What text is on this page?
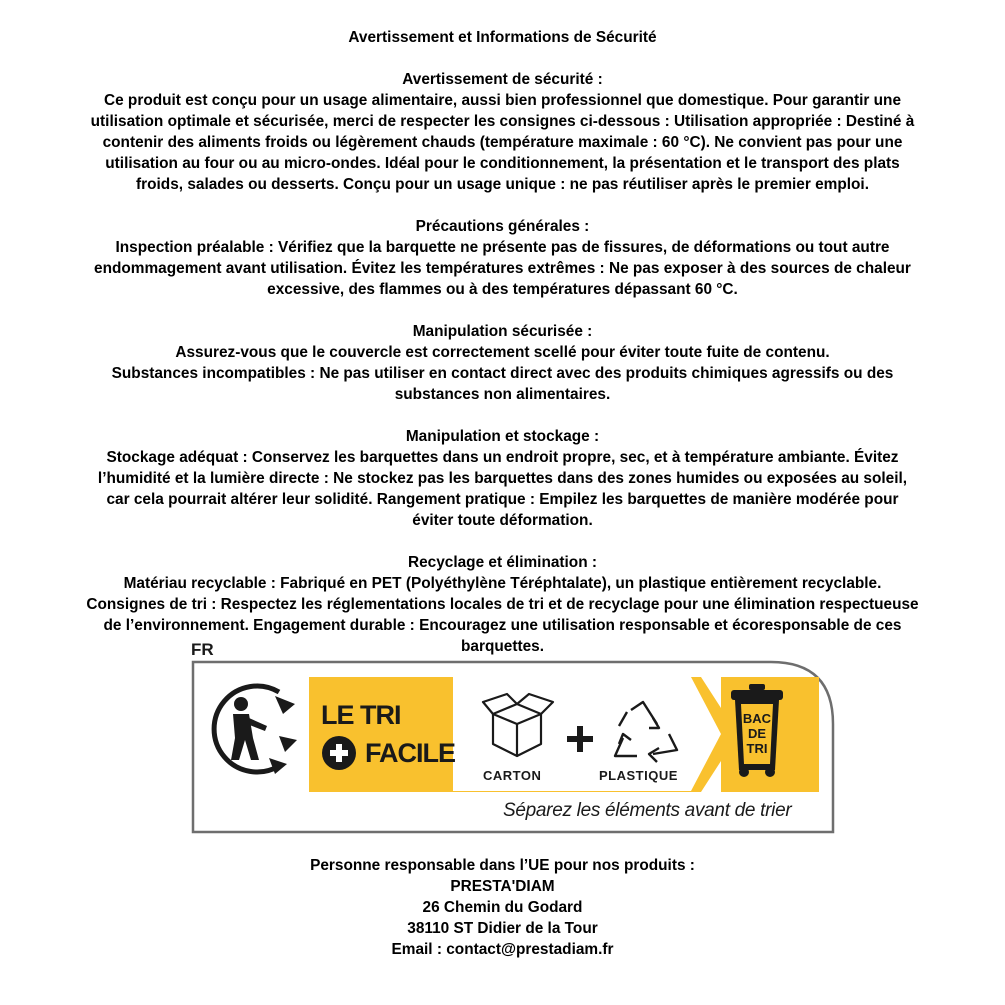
Avertissement et Informations de Sécurité

Avertissement de sécurité :

Ce produit est conçu pour un usage alimentaire, aussi bien professionnel que domestique. Pour garantir une

utilisation optimale et sécurisée, merci de respecter les consignes ci-dessous : Utilisation appropriée : Destiné à

contenir des aliments froids ou légèrement chauds (température maximale : 60 °C). Ne convient pas pour une

utilisation au four ou au micro-ondes. Idéal pour le conditionnement, la présentation et le transport des plats

froids, salades ou desserts. Conçu pour un usage unique : ne pas réutiliser après le premier emploi.

Précautions générales :

Inspection préalable : Vérifiez que la barquette ne présente pas de fissures, de déformations ou tout autre

endommagement avant utilisation. Évitez les températures extrêmes : Ne pas exposer à des sources de chaleur

excessive, des flammes ou à des températures dépassant 60 °C.

Manipulation sécurisée :

Assurez-vous que le couvercle est correctement scellé pour éviter toute fuite de contenu.

Substances incompatibles : Ne pas utiliser en contact direct avec des produits chimiques agressifs ou des

substances non alimentaires.

Manipulation et stockage :

Stockage adéquat : Conservez les barquettes dans un endroit propre, sec, et à température ambiante. Évitez

l’humidité et la lumière directe : Ne stockez pas les barquettes dans des zones humides ou exposées au soleil,

car cela pourrait altérer leur solidité. Rangement pratique : Empilez les barquettes de manière modérée pour

éviter toute déformation.

Recyclage et élimination :

Matériau recyclable : Fabriqué en PET (Polyéthylène Téréphtalate), un plastique entièrement recyclable.

Consignes de tri : Respectez les réglementations locales de tri et de recyclage pour une élimination respectueuse

de l’environnement. Engagement durable : Encouragez une utilisation responsable et écoresponsable de ces

barquettes.

FR
LE TRI
FACILE
CARTON	PLASTIQUE
BAC
DE
TRI
Séparez les éléments avant de trier

Personne responsable dans l’UE pour nos produits :

PRESTA'DIAM

26 Chemin du Godard

38110 ST Didier de la Tour

Email : contact@prestadiam.fr
